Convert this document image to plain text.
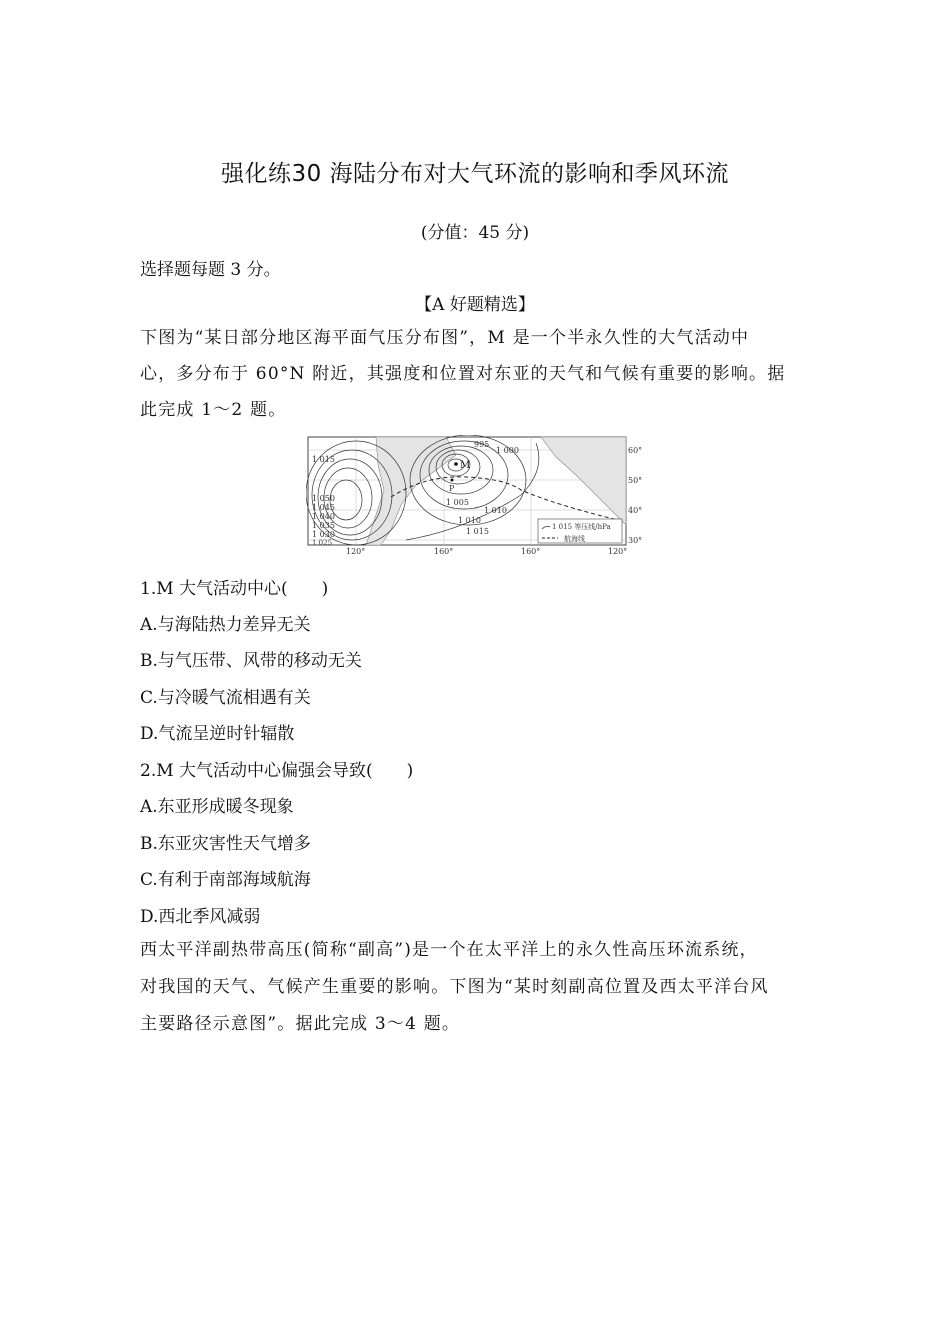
强化练30 海陆分布对大气环流的影响和季风环流
(分值：45 分)
选择题每题 3 分。
【A 好题精选】
下图为“某日部分地区海平面气压分布图”，M 是一个半永久性的大气活动中
心，多分布于 60°N 附近，其强度和位置对东亚的天气和气候有重要的影响。据
此完成 1～2 题。
M
P
1 015
1 050
1 045
1 040
1 035
1 030
1 025
1 010
1 005
1 010
1 015
995
1 000	60°
50°
40°
30°
120°	160°	160°	120°
1 015 等压线/hPa
航海线
1.M 大气活动中心(　　)
A.与海陆热力差异无关
B.与气压带、风带的移动无关
C.与冷暖气流相遇有关
D.气流呈逆时针辐散
2.M 大气活动中心偏强会导致(　　)
A.东亚形成暖冬现象
B.东亚灾害性天气增多
C.有利于南部海域航海
D.西北季风减弱
西太平洋副热带高压(简称“副高”)是一个在太平洋上的永久性高压环流系统，
对我国的天气、气候产生重要的影响。下图为“某时刻副高位置及西太平洋台风
主要路径示意图”。据此完成 3～4 题。
